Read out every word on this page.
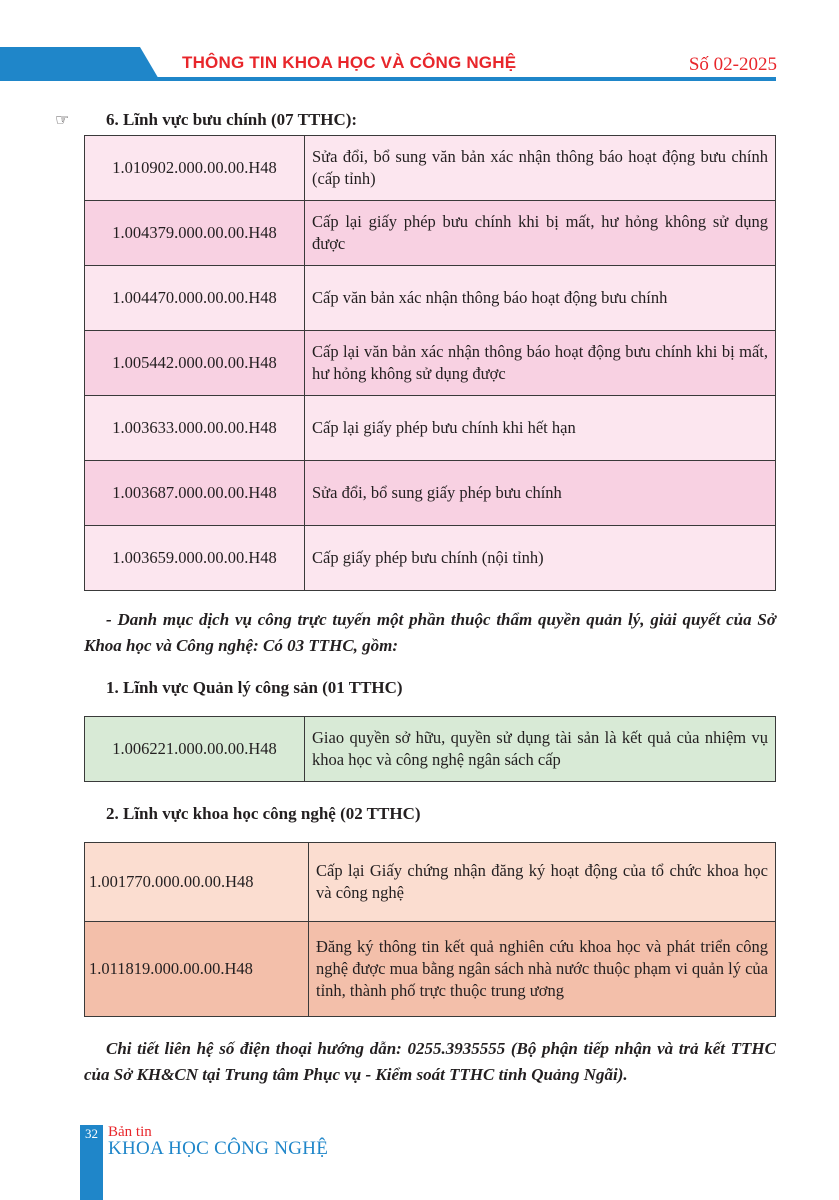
THÔNG TIN KHOA HỌC VÀ CÔNG NGHỆ	Số 02-2025
☞ 6. Lĩnh vực bưu chính (07 TTHC):
1.010902.000.00.00.H48	Sửa đổi, bổ sung văn bản xác nhận thông báo hoạt động bưu chính (cấp tỉnh)
1.004379.000.00.00.H48	Cấp lại giấy phép bưu chính khi bị mất, hư hỏng không sử dụng được
1.004470.000.00.00.H48	Cấp văn bản xác nhận thông báo hoạt động bưu chính
1.005442.000.00.00.H48	Cấp lại văn bản xác nhận thông báo hoạt động bưu chính khi bị mất, hư hỏng không sử dụng được
1.003633.000.00.00.H48	Cấp lại giấy phép bưu chính khi hết hạn
1.003687.000.00.00.H48	Sửa đổi, bổ sung giấy phép bưu chính
1.003659.000.00.00.H48	Cấp giấy phép bưu chính (nội tỉnh)
- Danh mục dịch vụ công trực tuyến một phần thuộc thẩm quyền quản lý, giải quyết của Sở Khoa học và Công nghệ: Có 03 TTHC, gồm:
1. Lĩnh vực Quản lý công sản (01 TTHC)
1.006221.000.00.00.H48	Giao quyền sở hữu, quyền sử dụng tài sản là kết quả của nhiệm vụ khoa học và công nghệ ngân sách cấp
2. Lĩnh vực khoa học công nghệ (02 TTHC)
1.001770.000.00.00.H48	Cấp lại Giấy chứng nhận đăng ký hoạt động của tổ chức khoa học và công nghệ
1.011819.000.00.00.H48	Đăng ký thông tin kết quả nghiên cứu khoa học và phát triển công nghệ được mua bằng ngân sách nhà nước thuộc phạm vi quản lý của tỉnh, thành phố trực thuộc trung ương
Chi tiết liên hệ số điện thoại hướng dẫn: 0255.3935555 (Bộ phận tiếp nhận và trả kết TTHC của Sở KH&CN tại Trung tâm Phục vụ - Kiểm soát TTHC tỉnh Quảng Ngãi).
32 Bản tin
KHOA HỌC CÔNG NGHỆ
